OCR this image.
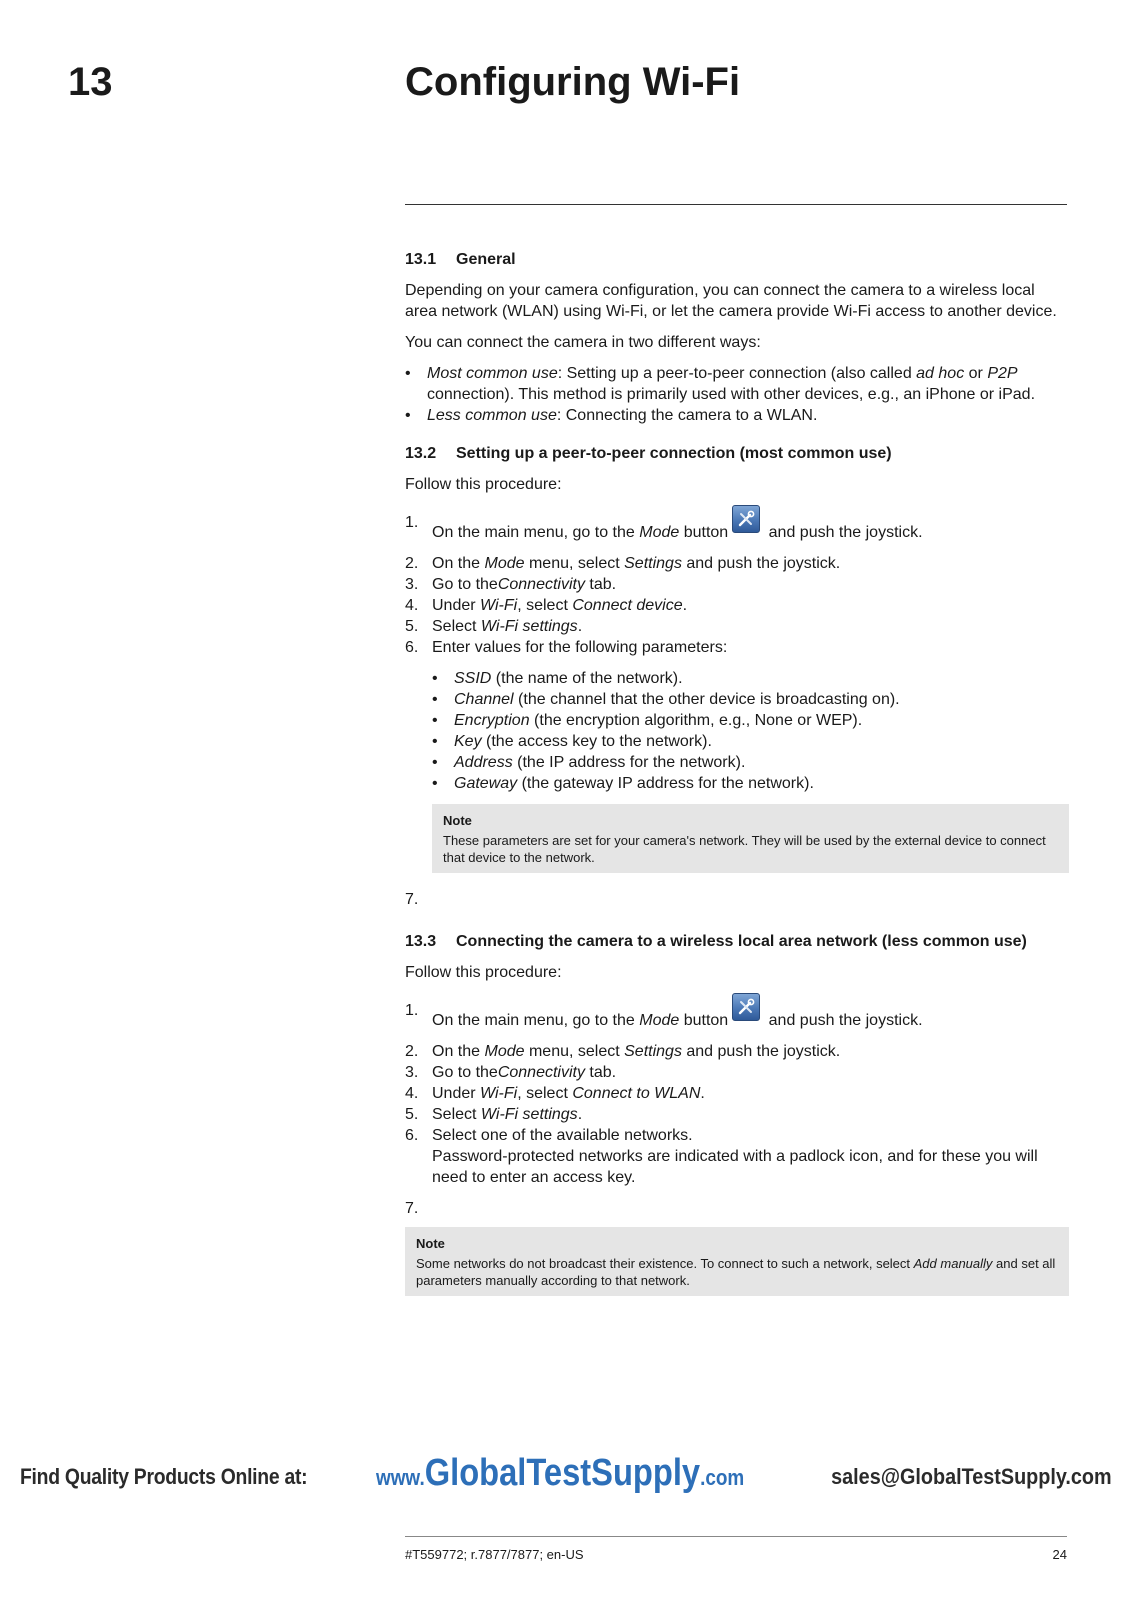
13	Configuring Wi-Fi
13.1	General

Depending on your camera configuration, you can connect the camera to a wireless local area network (WLAN) using Wi-Fi, or let the camera provide Wi-Fi access to another device.

You can connect the camera in two different ways:

• Most common use: Setting up a peer-to-peer connection (also called ad hoc or P2P connection). This method is primarily used with other devices, e.g., an iPhone or iPad.
• Less common use: Connecting the camera to a WLAN.
13.2	Setting up a peer-to-peer connection (most common use)

Follow this procedure:

1.
On the main menu, go to the Mode button
and push the joystick.
2. On the Mode menu, select Settings and push the joystick.
3. Go to theConnectivity tab.
4. Under Wi-Fi, select Connect device.
5. Select Wi-Fi settings.
6. Enter values for the following parameters:
• SSID (the name of the network).
• Channel (the channel that the other device is broadcasting on).
• Encryption (the encryption algorithm, e.g., None or WEP).
• Key (the access key to the network).
• Address (the IP address for the network).
• Gateway (the gateway IP address for the network).
Note
These parameters are set for your camera's network. They will be used by the external device to connect that device to the network.
7.
13.3	Connecting the camera to a wireless local area network (less common use)

Follow this procedure:

1.
On the main menu, go to the Mode button
and push the joystick.
2. On the Mode menu, select Settings and push the joystick.
3. Go to theConnectivity tab.
4. Under Wi-Fi, select Connect to WLAN.
5. Select Wi-Fi settings.
6. Select one of the available networks.
Password-protected networks are indicated with a padlock icon, and for these you will need to enter an access key.
7.
Note
Some networks do not broadcast their existence. To connect to such a network, select Add manually and set all parameters manually according to that network.
Find Quality Products Online at:	www.GlobalTestSupply.com	sales@GlobalTestSupply.com
#T559772; r.7877/7877; en-US	24
